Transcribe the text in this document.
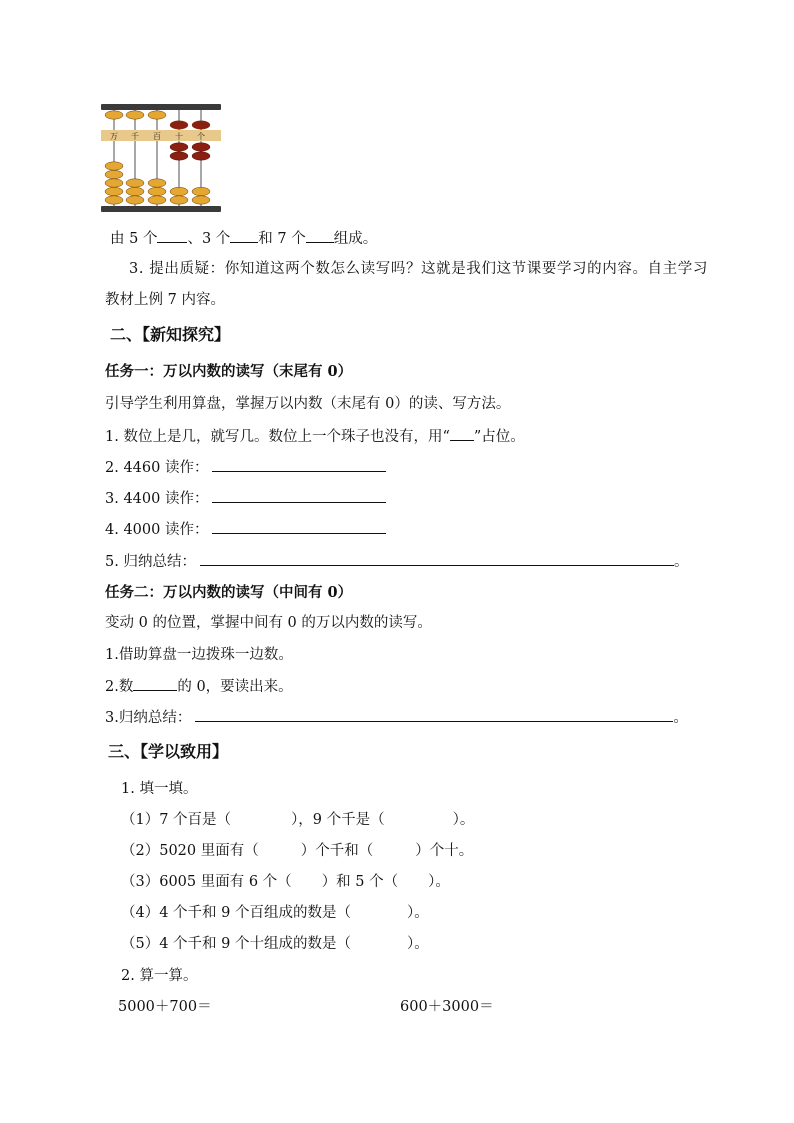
万 千 百 十 个
由 5 个 、3 个 和 7 个 组成。
3. 提出质疑：你知道这两个数怎么读写吗？这就是我们这节课要学习的内容。自主学习
教材上例 7 内容。
二、【新知探究】
任务一：万以内数的读写（末尾有 0）
引导学生利用算盘，掌握万以内数（末尾有 0）的读、写方法。
1. 数位上是几，就写几。数位上一个珠子也没有，用“ ”占位。
2. 4460 读作：
3. 4400 读作：
4. 4000 读作：
5. 归纳总结：	。
任务二：万以内数的读写（中间有 0）
变动 0 的位置，掌握中间有 0 的万以内数的读写。
1.借助算盘一边拨珠一边数。
2.数	的 0，要读出来。
3.归纳总结：	。
三、【学以致用】
1. 填一填。
（1）7 个百是（	），9 个千是（	）。
（2）5020 里面有（	）个千和（	）个十。
（3）6005 里面有 6 个（ ）和 5 个（ ）。
（4）4 个千和 9 个百组成的数是（	）。
（5）4 个千和 9 个十组成的数是（	）。
2. 算一算。
5000＋700＝	600＋3000＝
